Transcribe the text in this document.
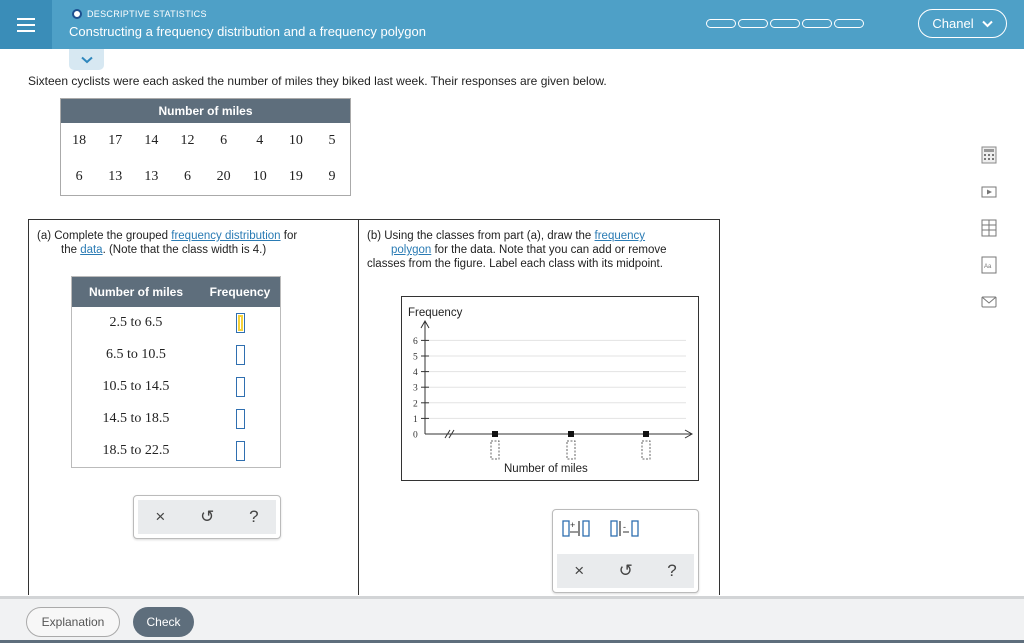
DESCRIPTIVE STATISTICS
Constructing a frequency distribution and a frequency polygon
Chanel
Sixteen cyclists were each asked the number of miles they biked last week. Their responses are given below.
Number of miles
18	17	14	12	6	4	10	5
6	13	13	6	20	10	19	9
(a) Complete the grouped frequency distribution for
the data. (Note that the class width is 4.)
Number of miles	Frequency
2.5 to 6.5
6.5 to 10.5
10.5 to 14.5
14.5 to 18.5
18.5 to 22.5
× ↺ ?
(b) Using the classes from part (a), draw the frequency
polygon for the data. Note that you can add or remove classes from the figure. Label each class with its midpoint.
Frequency
Number of miles
0
1
2
3
4
5
6
+	-
× ↺ ?
Aa
Explanation	Check
